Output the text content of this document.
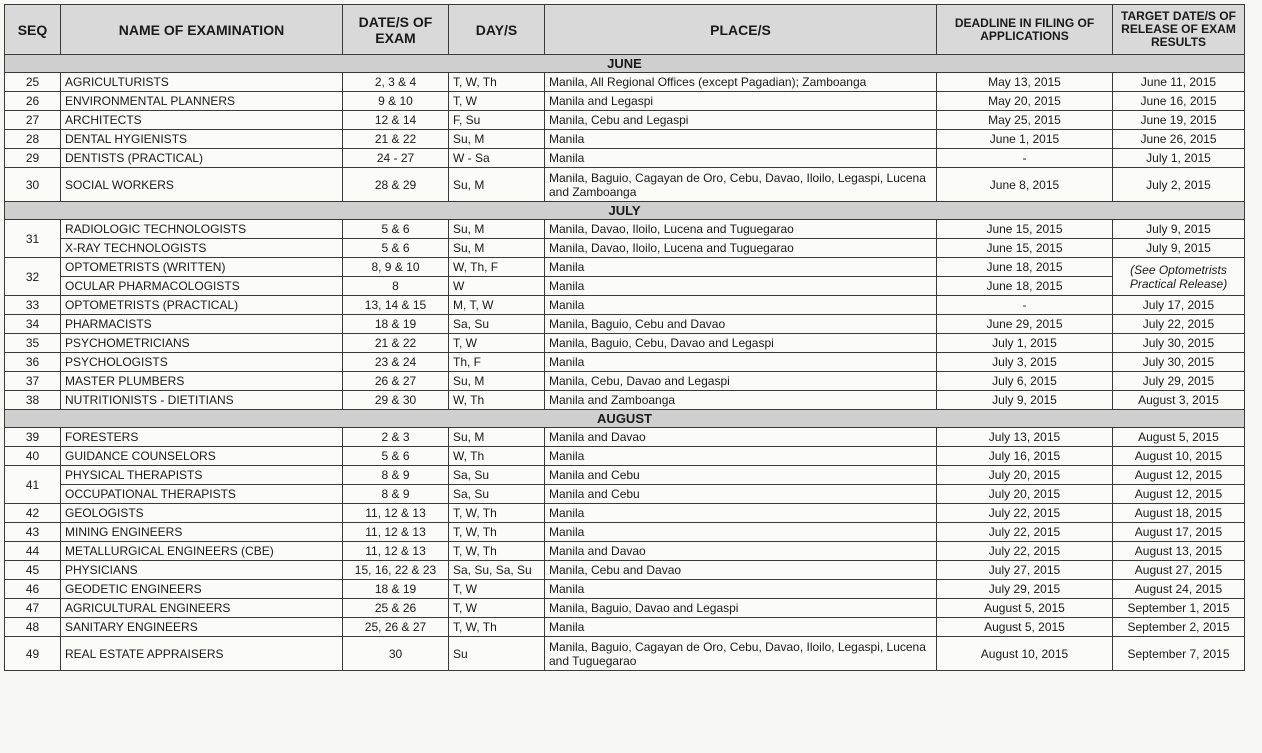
SEQ	NAME OF EXAMINATION	DATE/S OF EXAM	DAY/S	PLACE/S	DEADLINE IN FILING OF APPLICATIONS	TARGET DATE/S OF RELEASE OF EXAM RESULTS
JUNE						
25	AGRICULTURISTS	2, 3 & 4	T, W, Th	Manila, All Regional Offices (except Pagadian); Zamboanga	May 13, 2015	June 11, 2015
26	ENVIRONMENTAL PLANNERS	9 & 10	T, W	Manila and Legaspi	May 20, 2015	June 16, 2015
27	ARCHITECTS	12 & 14	F, Su	Manila, Cebu and Legaspi	May 25, 2015	June 19, 2015
28	DENTAL HYGIENISTS	21 & 22	Su, M	Manila	June 1, 2015	June 26, 2015
29	DENTISTS (PRACTICAL)	24 - 27	W - Sa	Manila	-	July 1, 2015
30	SOCIAL WORKERS	28 & 29	Su, M	Manila, Baguio, Cagayan de Oro, Cebu, Davao, Iloilo, Legaspi, Lucena and Zamboanga	June 8, 2015	July 2, 2015
JULY						
31	RADIOLOGIC TECHNOLOGISTS	5 & 6	Su, M	Manila, Davao, Iloilo, Lucena and Tuguegarao	June 15, 2015	July 9, 2015
	X-RAY TECHNOLOGISTS	5 & 6	Su, M	Manila, Davao, Iloilo, Lucena and Tuguegarao	June 15, 2015	July 9, 2015
32	OPTOMETRISTS (WRITTEN)	8, 9 & 10	W, Th, F	Manila	June 18, 2015	(See Optometrists Practical Release)
	OCULAR PHARMACOLOGISTS	8	W	Manila	June 18, 2015	
33	OPTOMETRISTS (PRACTICAL)	13, 14 & 15	M, T, W	Manila	-	July 17, 2015
34	PHARMACISTS	18 & 19	Sa, Su	Manila, Baguio, Cebu and Davao	June 29, 2015	July 22, 2015
35	PSYCHOMETRICIANS	21 & 22	T, W	Manila, Baguio, Cebu, Davao and Legaspi	July 1, 2015	July 30, 2015
36	PSYCHOLOGISTS	23 & 24	Th, F	Manila	July 3, 2015	July 30, 2015
37	MASTER PLUMBERS	26 & 27	Su, M	Manila, Cebu, Davao and Legaspi	July 6, 2015	July 29, 2015
38	NUTRITIONISTS - DIETITIANS	29 & 30	W, Th	Manila and Zamboanga	July 9, 2015	August 3, 2015
AUGUST						
39	FORESTERS	2 & 3	Su, M	Manila and Davao	July 13, 2015	August 5, 2015
40	GUIDANCE COUNSELORS	5 & 6	W, Th	Manila	July 16, 2015	August 10, 2015
41	PHYSICAL THERAPISTS	8 & 9	Sa, Su	Manila and Cebu	July 20, 2015	August 12, 2015
	OCCUPATIONAL THERAPISTS	8 & 9	Sa, Su	Manila and Cebu	July 20, 2015	August 12, 2015
42	GEOLOGISTS	11, 12 & 13	T, W, Th	Manila	July 22, 2015	August 18, 2015
43	MINING ENGINEERS	11, 12 & 13	T, W, Th	Manila	July 22, 2015	August 17, 2015
44	METALLURGICAL ENGINEERS (CBE)	11, 12 & 13	T, W, Th	Manila and Davao	July 22, 2015	August 13, 2015
45	PHYSICIANS	15, 16, 22 & 23	Sa, Su, Sa, Su	Manila, Cebu and Davao	July 27, 2015	August 27, 2015
46	GEODETIC ENGINEERS	18 & 19	T, W	Manila	July 29, 2015	August 24, 2015
47	AGRICULTURAL ENGINEERS	25 & 26	T, W	Manila, Baguio, Davao and Legaspi	August 5, 2015	September 1, 2015
48	SANITARY ENGINEERS	25, 26 & 27	T, W, Th	Manila	August 5, 2015	September 2, 2015
49	REAL ESTATE APPRAISERS	30	Su	Manila, Baguio, Cagayan de Oro, Cebu, Davao, Iloilo, Legaspi, Lucena and Tuguegarao	August 10, 2015	September 7, 2015
